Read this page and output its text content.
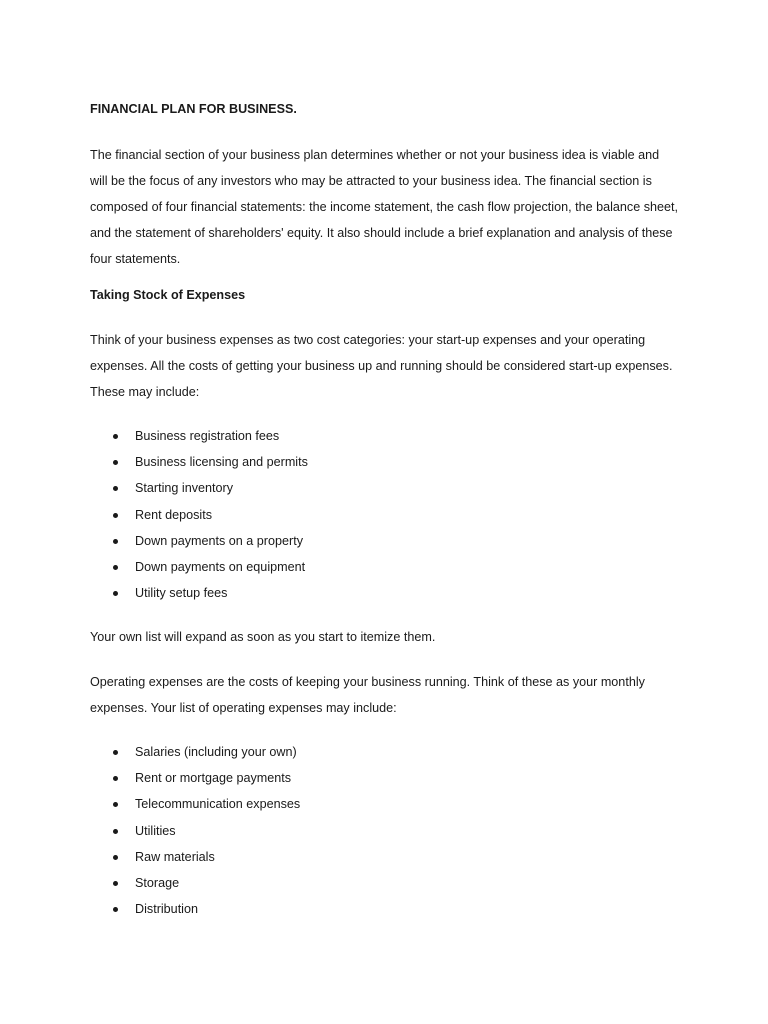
FINANCIAL PLAN FOR BUSINESS.

The financial section of your business plan determines whether or not your business idea is viable and will be the focus of any investors who may be attracted to your business idea. The financial section is composed of four financial statements: the income statement, the cash flow projection, the balance sheet, and the statement of shareholders' equity. It also should include a brief explanation and analysis of these four statements.

Taking Stock of Expenses

Think of your business expenses as two cost categories: your start-up expenses and your operating expenses. All the costs of getting your business up and running should be considered start-up expenses. These may include:

Business registration fees
Business licensing and permits
Starting inventory
Rent deposits
Down payments on a property
Down payments on equipment
Utility setup fees

Your own list will expand as soon as you start to itemize them.

Operating expenses are the costs of keeping your business running. Think of these as your monthly expenses. Your list of operating expenses may include:

Salaries (including your own)
Rent or mortgage payments
Telecommunication expenses
Utilities
Raw materials
Storage
Distribution
